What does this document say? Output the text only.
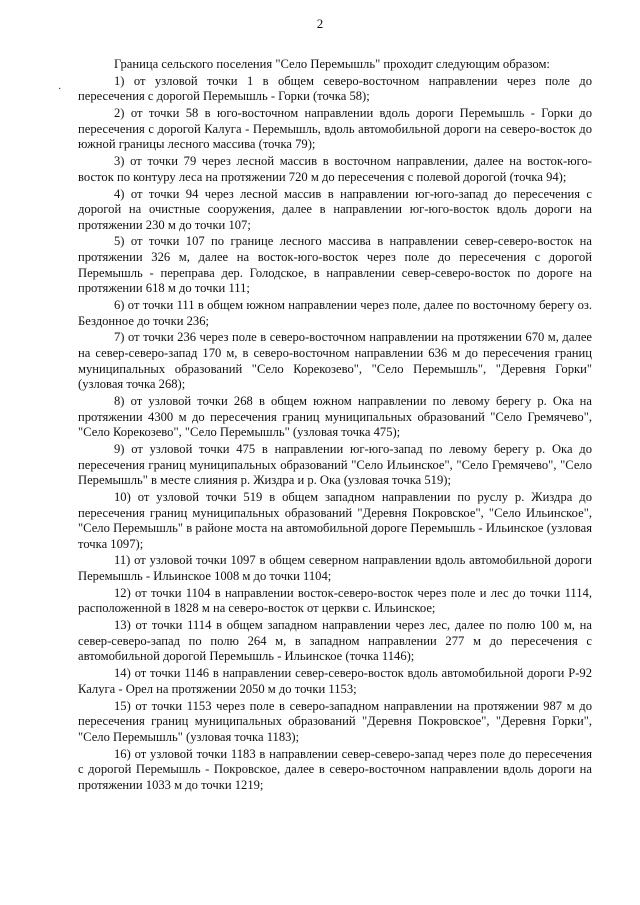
2
·

Граница сельского поселения "Село Перемышль" проходит следующим образом:

1) от узловой точки 1 в общем северо-восточном направлении через поле до пересечения с дорогой Перемышль - Горки (точка 58);

2) от точки 58 в юго-восточном направлении вдоль дороги Перемышль - Горки до пересечения с дорогой Калуга - Перемышль, вдоль автомобильной дороги на северо-восток до южной границы лесного массива (точка 79);

3) от точки 79 через лесной массив в восточном направлении, далее на восток-юго-восток по контуру леса на протяжении 720 м до пересечения с полевой дорогой (точка 94);

4) от точки 94 через лесной массив в направлении юг-юго-запад до пересечения с дорогой на очистные сооружения, далее в направлении юг-юго-восток вдоль дороги на протяжении 230 м до точки 107;

5) от точки 107 по границе лесного массива в направлении север-северо-восток на протяжении 326 м, далее на восток-юго-восток через поле до пересечения с дорогой Перемышль - переправа дер. Голодское, в направлении север-северо-восток по дороге на протяжении 618 м до точки 111;

6) от точки 111 в общем южном направлении через поле, далее по восточному берегу оз. Бездонное до точки 236;

7) от точки 236 через поле в северо-восточном направлении на протяжении 670 м, далее на север-северо-запад 170 м, в северо-восточном направлении 636 м до пересечения границ муниципальных образований "Село Корекозево", "Село Перемышль", "Деревня Горки" (узловая точка 268);

8) от узловой точки 268 в общем южном направлении по левому берегу р. Ока на протяжении 4300 м до пересечения границ муниципальных образований "Село Гремячево", "Село Корекозево", "Село Перемышль" (узловая точка 475);

9) от узловой точки 475 в направлении юг-юго-запад по левому берегу р. Ока до пересечения границ муниципальных образований "Село Ильинское", "Село Гремячево", "Село Перемышль" в месте слияния р. Жиздра и р. Ока (узловая точка 519);

10) от узловой точки 519 в общем западном направлении по руслу р. Жиздра до пересечения границ муниципальных образований "Деревня Покровское", "Село Ильинское", "Село Перемышль" в районе моста на автомобильной дороге Перемышль - Ильинское (узловая точка 1097);

11) от узловой точки 1097 в общем северном направлении вдоль автомобильной дороги Перемышль - Ильинское 1008 м до точки 1104;

12) от точки 1104 в направлении восток-северо-восток через поле и лес до точки 1114, расположенной в 1828 м на северо-восток от церкви с. Ильинское;

13) от точки 1114 в общем западном направлении через лес, далее по полю 100 м, на север-северо-запад по полю 264 м, в западном направлении 277 м до пересечения с автомобильной дорогой Перемышль - Ильинское (точка 1146);

14) от точки 1146 в направлении север-северо-восток вдоль автомобильной дороги Р-92 Калуга - Орел на протяжении 2050 м до точки 1153;

15) от точки 1153 через поле в северо-западном направлении на протяжении 987 м до пересечения границ муниципальных образований "Деревня Покровское", "Деревня Горки", "Село Перемышль" (узловая точка 1183);

16) от узловой точки 1183 в направлении север-северо-запад через поле до пересечения с дорогой Перемышль - Покровское, далее в северо-восточном направлении вдоль дороги на протяжении 1033 м до точки 1219;
